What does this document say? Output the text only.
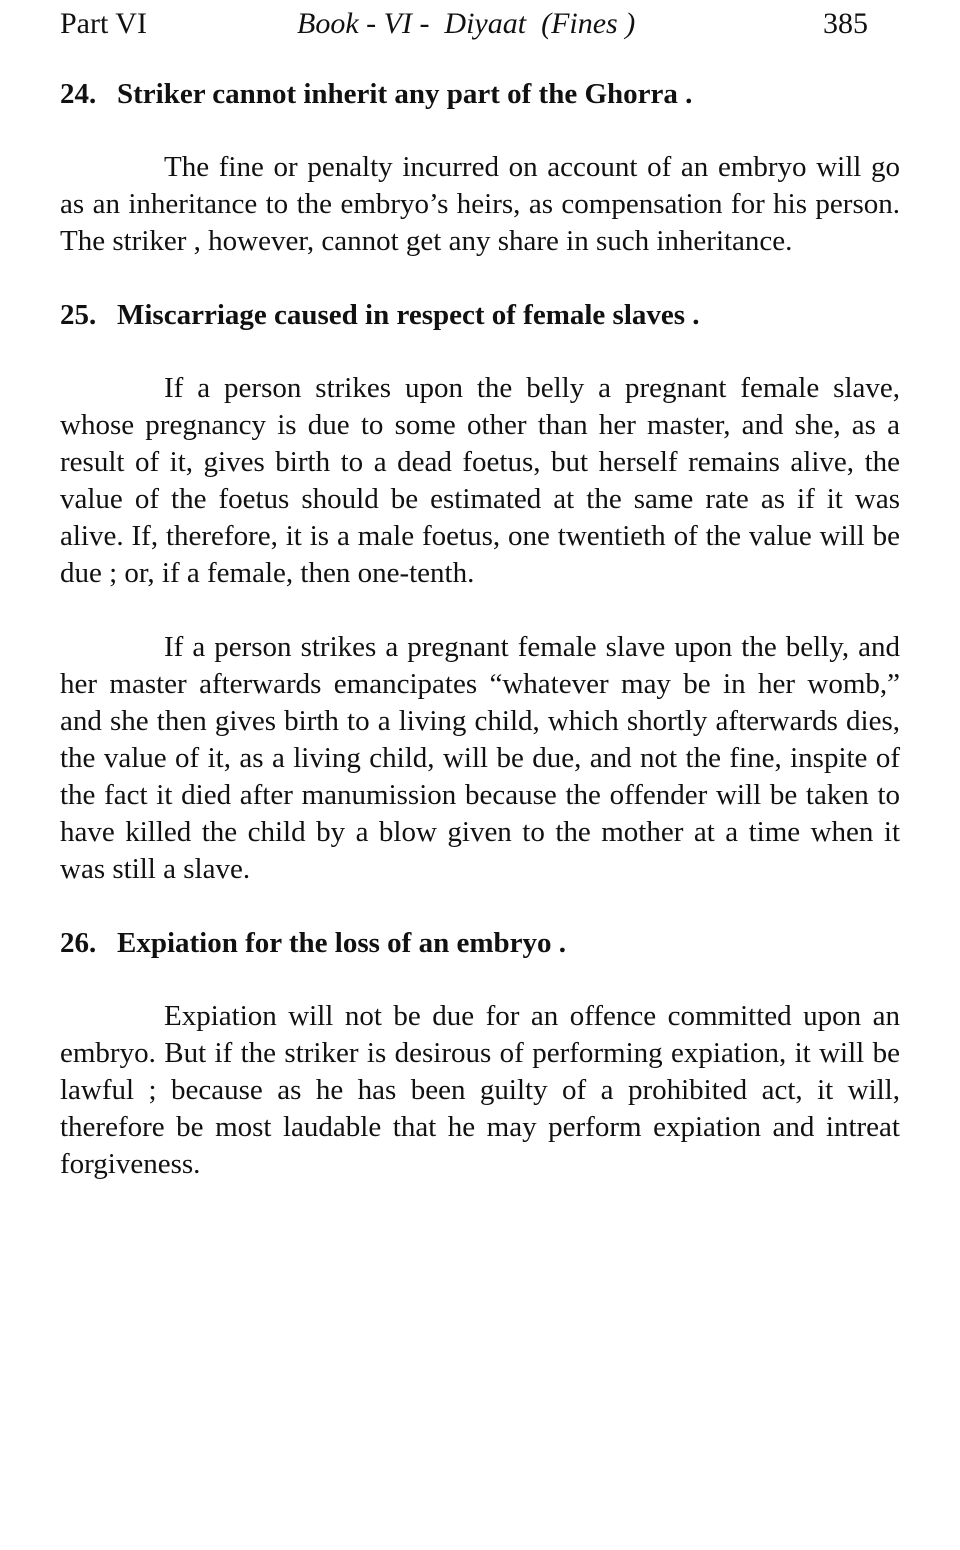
Part VI	Book - VI -  Diyaat  (Fines )	385
24. Striker cannot inherit any part of the Ghorra .

The fine or penalty incurred on account of an embryo will go as an inheritance to the embryo’s heirs, as compensation for his person. The striker , however, cannot get any share in such inheritance.

25. Miscarriage caused in respect of female slaves .

If a person strikes upon the belly a pregnant female slave, whose pregnancy is due to some other than her master, and she, as a result of it, gives birth to a dead foetus, but herself remains alive, the value of the foetus should be estimated at the same rate as if it was alive. If, therefore, it is a male foetus, one twentieth of the value will be due ; or, if a female, then one-tenth.

If a person strikes a pregnant female slave upon the belly, and her master afterwards emancipates “whatever may be in her womb,” and she then gives birth to a living child, which shortly afterwards dies, the value of it, as a living child, will be due, and not the fine, inspite of the fact it died after manumission because the offender will be taken to have killed the child by a blow given to the mother at a time when it was still a slave.

26. Expiation for the loss of an embryo .

Expiation will not be due for an offence committed upon an embryo. But if the striker is desirous of performing expiation, it will be lawful ; because as he has been guilty of a prohibited act, it will, therefore be most laudable that he may perform expiation and intreat forgiveness.
